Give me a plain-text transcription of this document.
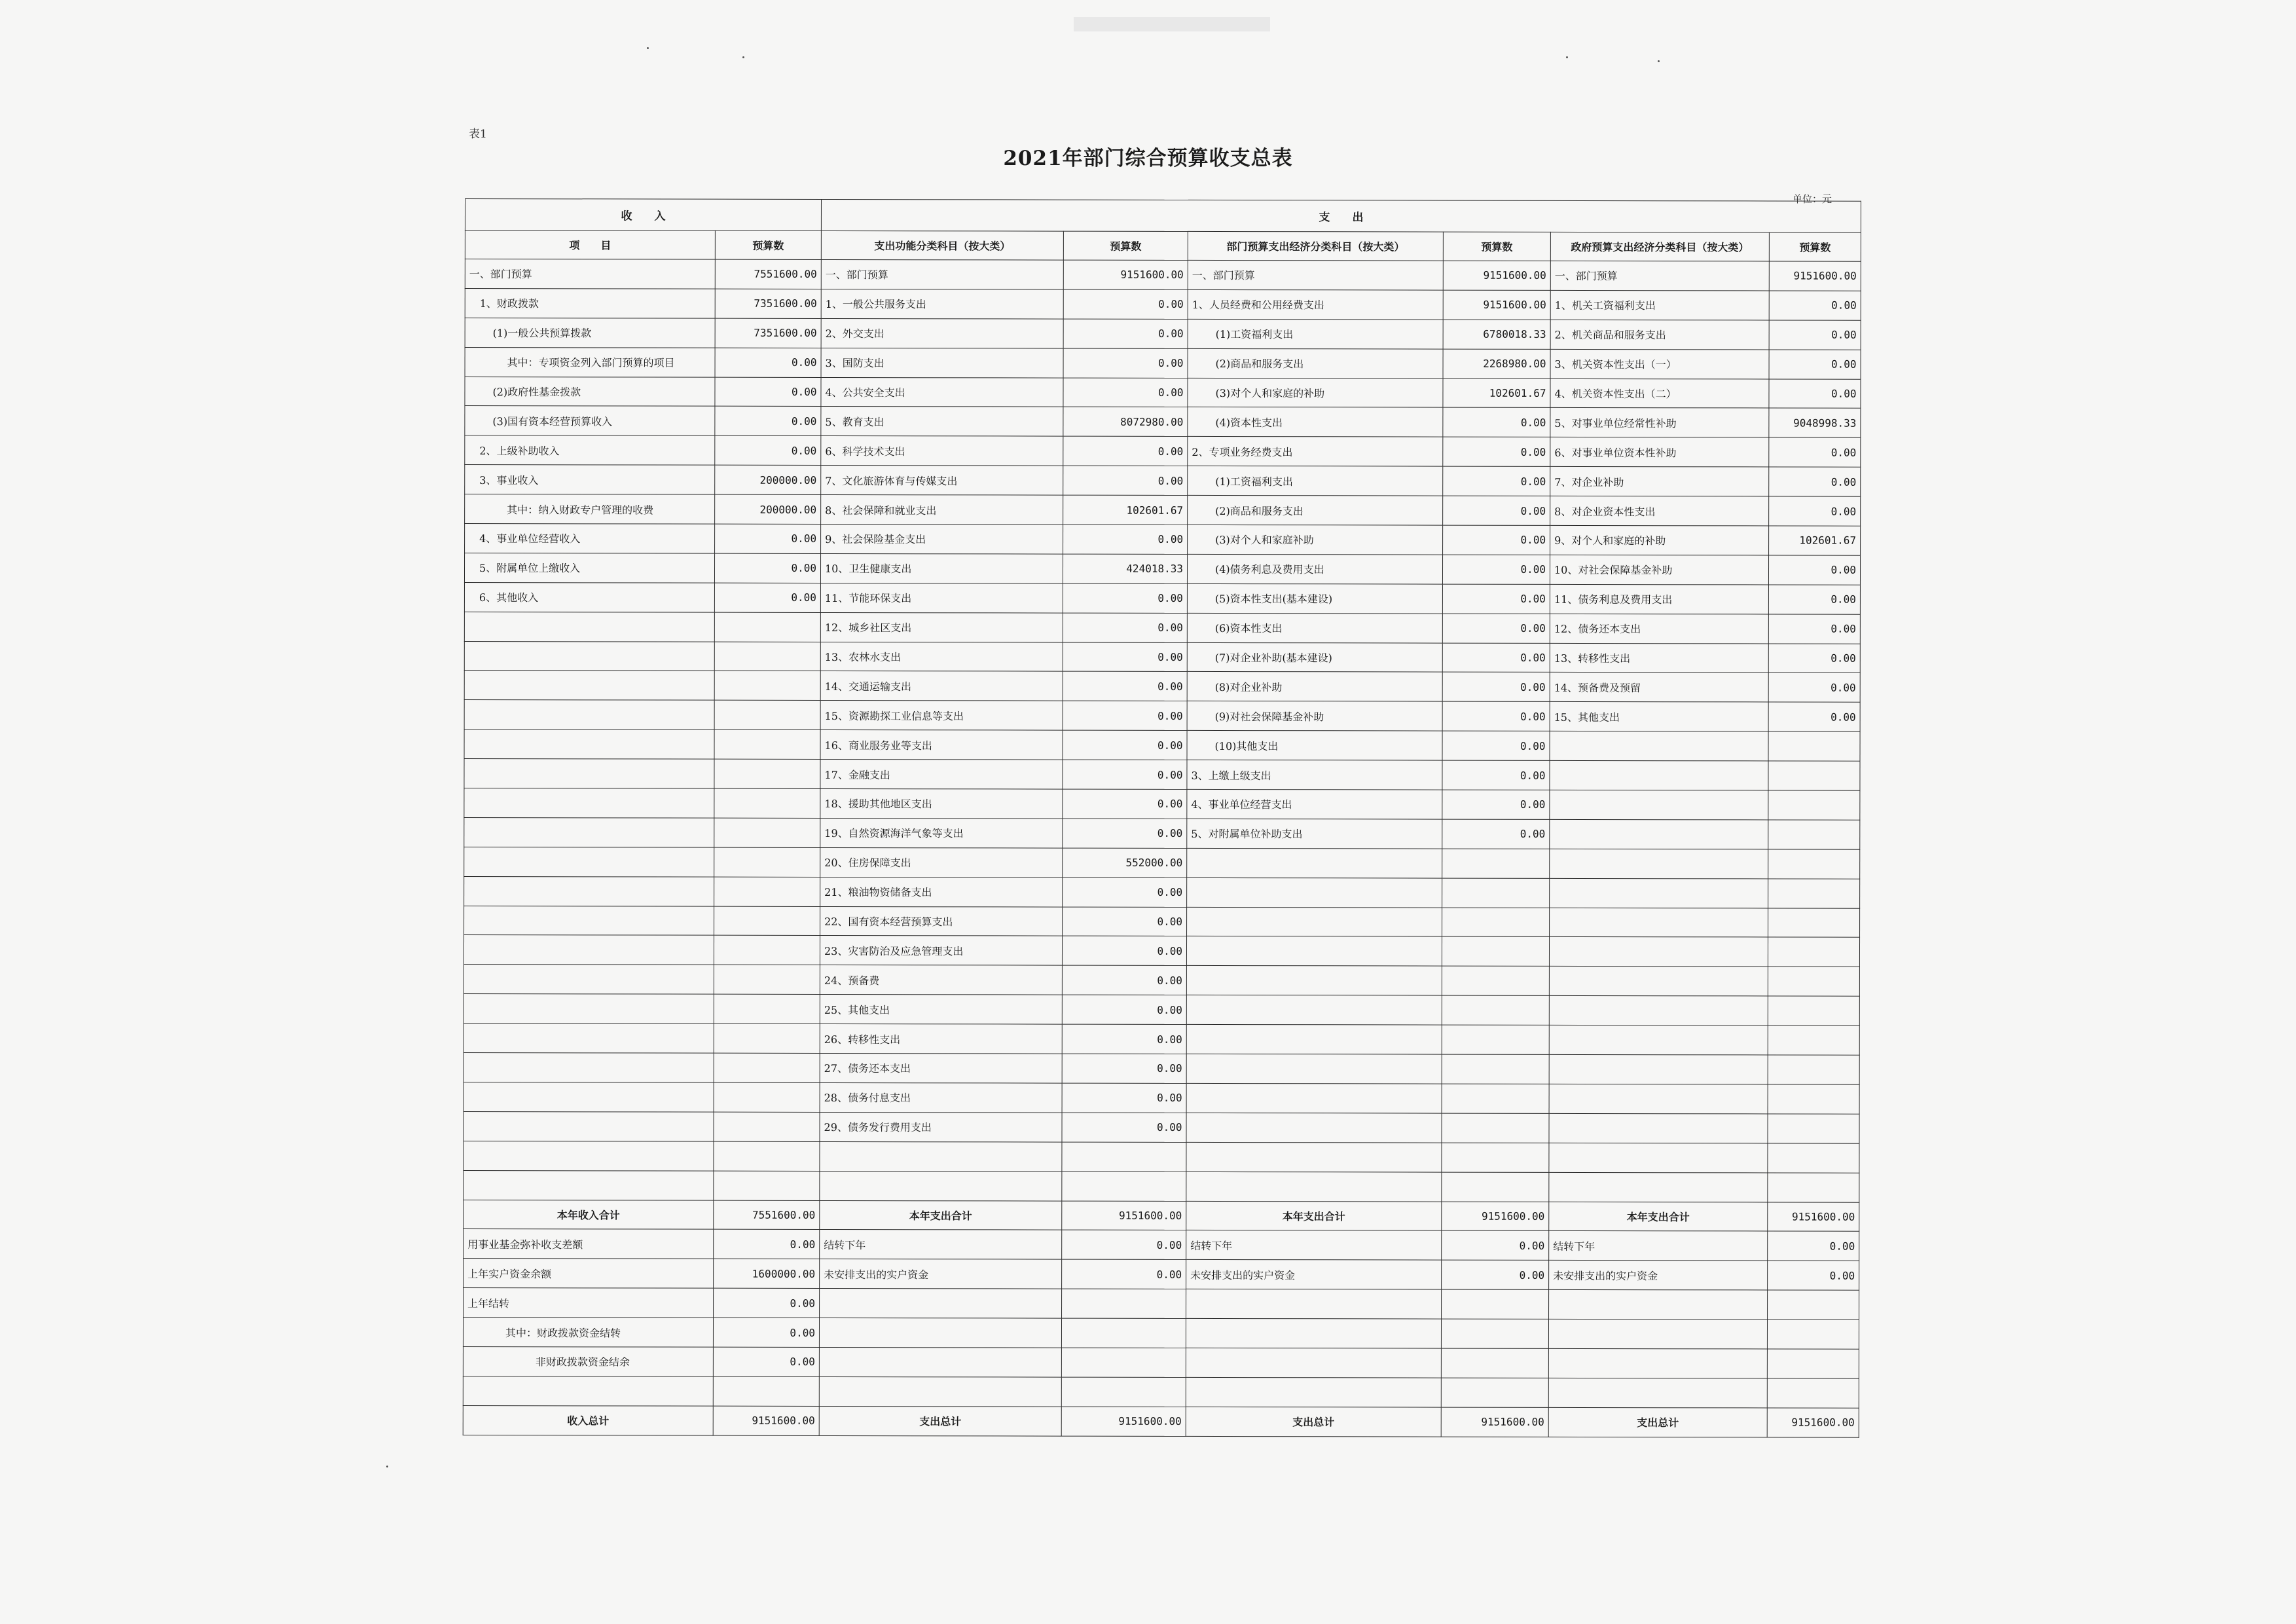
表1
2021年部门综合预算收支总表
单位：元
收　　入		支　　出					
项　　目	预算数	支出功能分类科目（按大类）	预算数	部门预算支出经济分类科目（按大类）	预算数	政府预算支出经济分类科目（按大类）	预算数
一、部门预算	7551600.00	一、部门预算	9151600.00	一、部门预算	9151600.00	一、部门预算	9151600.00
1、财政拨款	7351600.00	1、一般公共服务支出	0.00	1、人员经费和公用经费支出	9151600.00	1、机关工资福利支出	0.00
(1)一般公共预算拨款	7351600.00	2、外交支出	0.00	(1)工资福利支出	6780018.33	2、机关商品和服务支出	0.00
其中：专项资金列入部门预算的项目	0.00	3、国防支出	0.00	(2)商品和服务支出	2268980.00	3、机关资本性支出（一）	0.00
(2)政府性基金拨款	0.00	4、公共安全支出	0.00	(3)对个人和家庭的补助	102601.67	4、机关资本性支出（二）	0.00
(3)国有资本经营预算收入	0.00	5、教育支出	8072980.00	(4)资本性支出	0.00	5、对事业单位经常性补助	9048998.33
2、上级补助收入	0.00	6、科学技术支出	0.00	2、专项业务经费支出	0.00	6、对事业单位资本性补助	0.00
3、事业收入	200000.00	7、文化旅游体育与传媒支出	0.00	(1)工资福利支出	0.00	7、对企业补助	0.00
其中：纳入财政专户管理的收费	200000.00	8、社会保障和就业支出	102601.67	(2)商品和服务支出	0.00	8、对企业资本性支出	0.00
4、事业单位经营收入	0.00	9、社会保险基金支出	0.00	(3)对个人和家庭补助	0.00	9、对个人和家庭的补助	102601.67
5、附属单位上缴收入	0.00	10、卫生健康支出	424018.33	(4)债务利息及费用支出	0.00	10、对社会保障基金补助	0.00
6、其他收入	0.00	11、节能环保支出	0.00	(5)资本性支出(基本建设)	0.00	11、债务利息及费用支出	0.00
		12、城乡社区支出	0.00	(6)资本性支出	0.00	12、债务还本支出	0.00
		13、农林水支出	0.00	(7)对企业补助(基本建设)	0.00	13、转移性支出	0.00
		14、交通运输支出	0.00	(8)对企业补助	0.00	14、预备费及预留	0.00
		15、资源勘探工业信息等支出	0.00	(9)对社会保障基金补助	0.00	15、其他支出	0.00
		16、商业服务业等支出	0.00	(10)其他支出	0.00		
		17、金融支出	0.00	3、上缴上级支出	0.00		
		18、援助其他地区支出	0.00	4、事业单位经营支出	0.00		
		19、自然资源海洋气象等支出	0.00	5、对附属单位补助支出	0.00		
		20、住房保障支出	552000.00				
		21、粮油物资储备支出	0.00				
		22、国有资本经营预算支出	0.00				
		23、灾害防治及应急管理支出	0.00				
		24、预备费	0.00				
		25、其他支出	0.00				
		26、转移性支出	0.00				
		27、债务还本支出	0.00				
		28、债务付息支出	0.00				
		29、债务发行费用支出	0.00				

本年收入合计	7551600.00	本年支出合计	9151600.00	本年支出合计	9151600.00	本年支出合计	9151600.00
用事业基金弥补收支差额	0.00	结转下年	0.00	结转下年	0.00	结转下年	0.00
上年实户资金余额	1600000.00	未安排支出的实户资金	0.00	未安排支出的实户资金	0.00	未安排支出的实户资金	0.00
上年结转	0.00						
其中：财政拨款资金结转	0.00						
非财政拨款资金结余	0.00						

收入总计	9151600.00	支出总计	9151600.00	支出总计	9151600.00	支出总计	9151600.00
